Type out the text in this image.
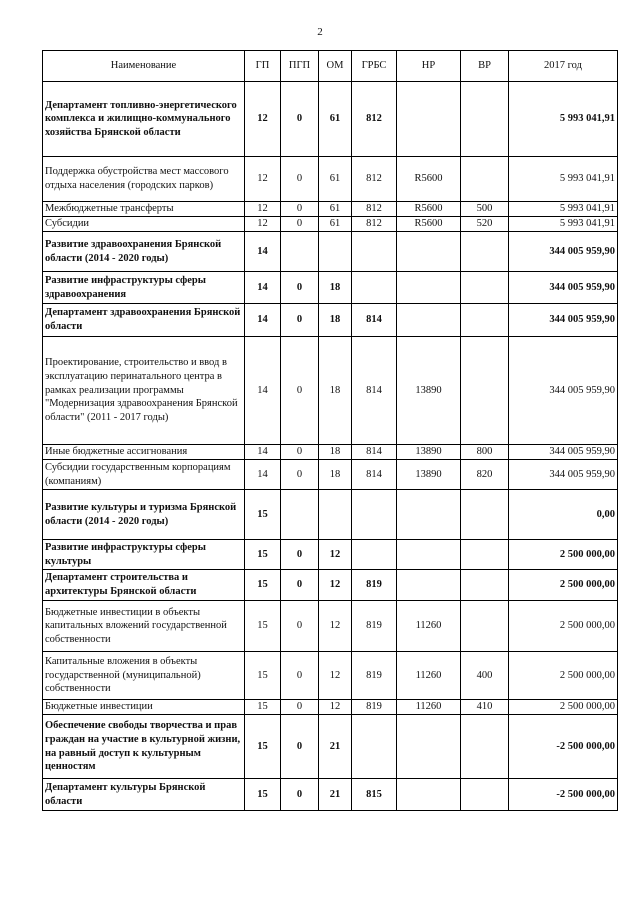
2
Наименование	ГП	ПГП	ОМ	ГРБС	НР	ВР	2017 год
Департамент топливно-энергетического комплекса и жилищно-коммунального хозяйства Брянской области	12	0	61	812			5 993 041,91
Поддержка обустройства мест массового отдыха населения (городских парков)	12	0	61	812	R5600		5 993 041,91
Межбюджетные трансферты	12	0	61	812	R5600	500	5 993 041,91
Субсидии	12	0	61	812	R5600	520	5 993 041,91
Развитие здравоохранения Брянской области (2014 - 2020 годы)	14						344 005 959,90
Развитие инфраструктуры сферы здравоохранения	14	0	18				344 005 959,90
Департамент здравоохранения Брянской области	14	0	18	814			344 005 959,90
Проектирование, строительство и ввод в эксплуатацию перинатального центра в рамках реализации программы "Модернизация здравоохранения Брянской области" (2011 - 2017 годы)	14	0	18	814	13890		344 005 959,90
Иные бюджетные ассигнования	14	0	18	814	13890	800	344 005 959,90
Субсидии государственным корпорациям (компаниям)	14	0	18	814	13890	820	344 005 959,90
Развитие культуры и туризма Брянской области (2014 - 2020 годы)	15						0,00
Развитие инфраструктуры сферы культуры	15	0	12				2 500 000,00
Департамент строительства и архитектуры Брянской области	15	0	12	819			2 500 000,00
Бюджетные инвестиции в объекты капитальных вложений государственной собственности	15	0	12	819	11260		2 500 000,00
Капитальные вложения в объекты государственной (муниципальной) собственности	15	0	12	819	11260	400	2 500 000,00
Бюджетные инвестиции	15	0	12	819	11260	410	2 500 000,00
Обеспечение свободы творчества и прав граждан на участие в культурной жизни, на равный доступ к культурным ценностям	15	0	21				-2 500 000,00
Департамент культуры Брянской области	15	0	21	815			-2 500 000,00
